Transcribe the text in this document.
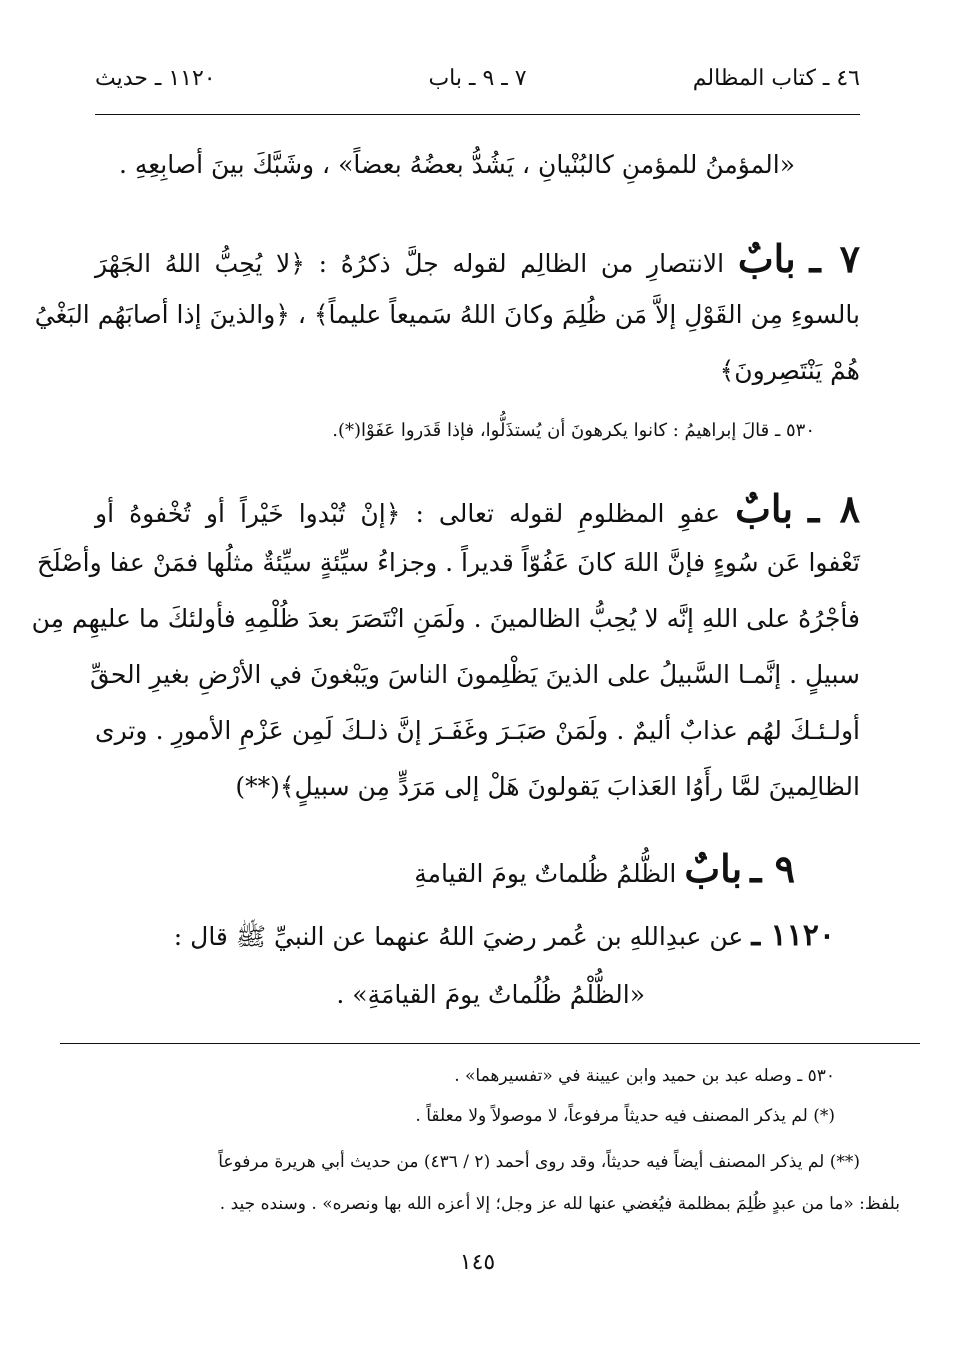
٤٦ ـ كتاب المظالم
٧ ـ ٩ ـ باب
١١٢٠ ـ حديث
«المؤمنُ للمؤمنِ كالبُنْيانِ ، يَشُدُّ بعضُهُ بعضاً» ، وشَبَّكَ بينَ أصابِعِهِ .
٧ ـ بابٌ الانتصارِ من الظالِم لقوله جلَّ ذكرُهُ : ﴿لا يُحِبُّ اللهُ الجَهْرَ
بالسوءِ مِن القَوْلِ إلاَّ مَن ظُلِمَ وكانَ اللهُ سَميعاً عليماً﴾ ، ﴿والذينَ إذا أصابَهُم البَغْيُ
هُمْ يَنْتَصِرونَ﴾
٥٣٠ ـ قالَ إبراهيمُ : كانوا يكرهونَ أن يُستذَلُّوا، فإذا قَدَروا عَفَوْا(*).
٨ ـ بابٌ عفوِ المظلومِ لقوله تعالى : ﴿إنْ تُبْدوا خَيْراً أو تُخْفوهُ أو
تَعْفوا عَن سُوءٍ فإنَّ اللهَ كانَ عَفُوّاً قديراً . وجزاءُ سيِّئةٍ سيِّئةٌ مثلُها فمَنْ عفا وأصْلَحَ
فأجْرُهُ على اللهِ إنَّه لا يُحِبُّ الظالمينَ . ولَمَنِ انْتَصَرَ بعدَ ظُلْمِهِ فأولئكَ ما عليهِم مِن
سبيلٍ . إنَّمـا السَّبيلُ على الذينَ يَظْلِمونَ الناسَ ويَبْغونَ في الأرْضِ بغيرِ الحقِّ
أولـئـكَ لهُم عذابٌ أليمٌ . ولَمَنْ صَبَـرَ وغَفَـرَ إنَّ ذلـكَ لَمِن عَزْمِ الأمورِ . وترى
الظالِمينَ لمَّا رأَوُا العَذابَ يَقولونَ هَلْ إلى مَرَدٍّ مِن سبيلٍ﴾(**)
٩ ـ بابٌ الظُّلمُ ظُلماتٌ يومَ القيامةِ
١١٢٠ ـ عن عبدِاللهِ بن عُمر رضيَ اللهُ عنهما عن النبيِّ ﷺ قال :
«الظُّلْمُ ظُلُماتٌ يومَ القيامَةِ» .
٥٣٠ ـ وصله عبد بن حميد وابن عيينة في «تفسيرهما» .
(*) لم يذكر المصنف فيه حديثاً مرفوعاً، لا موصولاً ولا معلقاً .
(**) لم يذكر المصنف أيضاً فيه حديثاً، وقد روى أحمد (٢ / ٤٣٦) من حديث أبي هريرة مرفوعاً
بلفظ: «ما من عبدٍ ظُلِمَ بمظلمة فيُغضي عنها لله عز وجل؛ إلا أعزه الله بها ونصره» . وسنده جيد .
١٤٥
